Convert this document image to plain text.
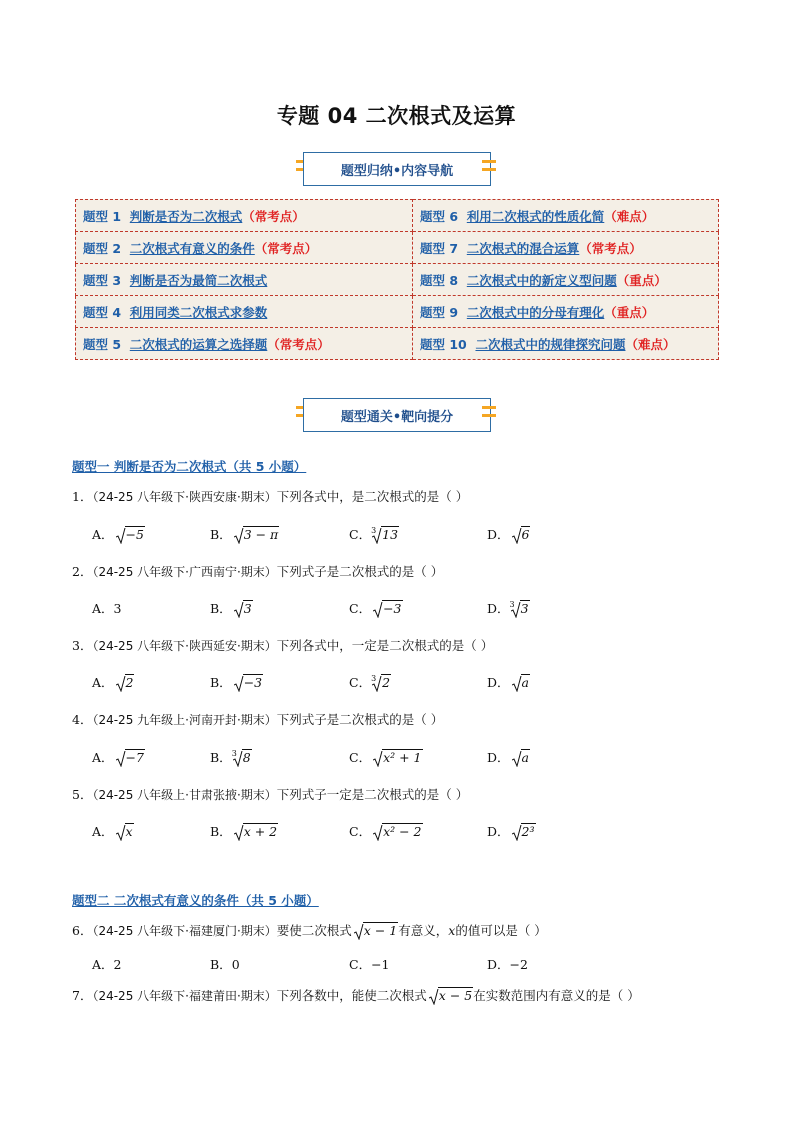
专题 04 二次根式及运算
题型归纳•内容导航
题型 1 判断是否为二次根式（常考点）	题型 6 利用二次根式的性质化简（难点）
题型 2 二次根式有意义的条件（常考点）	题型 7 二次根式的混合运算（常考点）
题型 3 判断是否为最简二次根式	题型 8 二次根式中的新定义型问题（重点）
题型 4 利用同类二次根式求参数	题型 9 二次根式中的分母有理化（重点）
题型 5 二次根式的运算之选择题（常考点）	题型 10 二次根式中的规律探究问题（难点）
题型通关•靶向提分
题型一 判断是否为二次根式（共 5 小题）
1．（24-25 八年级下·陕西安康·期末）下列各式中，是二次根式的是（ ）
A． −5	B． 3 − π	C．$^3$ 13	D． 6
2．（24-25 八年级下·广西南宁·期末）下列式子是二次根式的是（ ）
A．3	B． 3	C． −3	D．$^3$ 3
3．（24-25 八年级下·陕西延安·期末）下列各式中，一定是二次根式的是（ ）
A． 2	B． −3	C．$^3$ 2	D． a
4．（24-25 九年级上·河南开封·期末）下列式子是二次根式的是（ ）
A． −7	B．$^3$ 8	C． x² + 1	D． a
5．（24-25 八年级上·甘肃张掖·期末）下列式子一定是二次根式的是（ ）
A． x	B． x + 2	C． x² − 2	D． 2³
题型二 二次根式有意义的条件（共 5 小题）
6．（24-25 八年级下·福建厦门·期末）要使二次根式 x − 1有意义，x的值可以是（ ）
A．2	B．0	C．−1	D．−2
7．（24-25 八年级下·福建莆田·期末）下列各数中，能使二次根式 x − 5在实数范围内有意义的是（ ）
